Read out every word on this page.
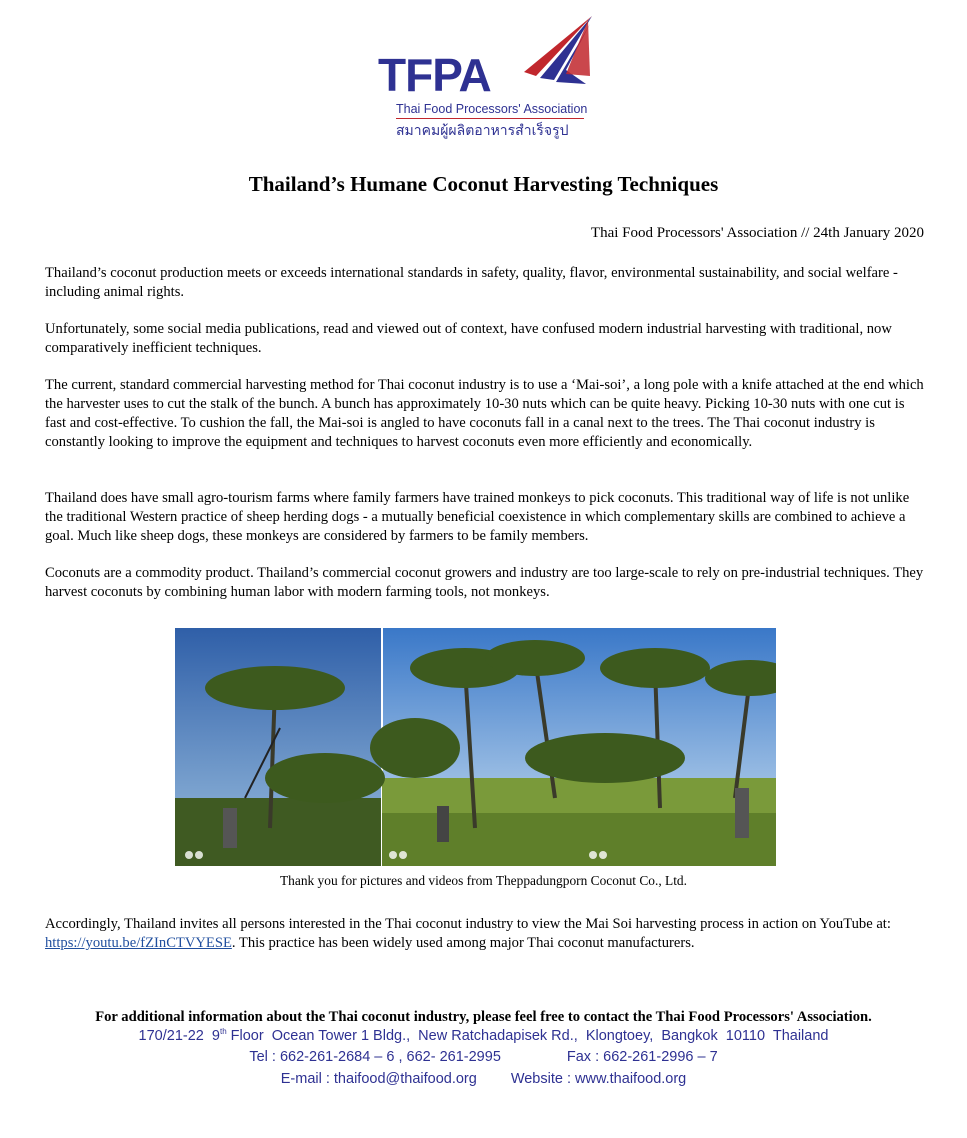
TFPA
Thai Food Processors' Association
สมาคมผู้ผลิตอาหารสำเร็จรูป
Thailand’s Humane Coconut Harvesting Techniques
Thai Food Processors' Association // 24th January 2020

Thailand’s coconut production meets or exceeds international standards in safety, quality, flavor, environmental sustainability, and social welfare - including animal rights.

Unfortunately, some social media publications, read and viewed out of context, have confused modern industrial harvesting with traditional, now comparatively inefficient techniques.

The current, standard commercial harvesting method for Thai coconut industry is to use a ‘Mai-soi’, a long pole with a knife attached at the end which the harvester uses to cut the stalk of the bunch. A bunch has approximately 10-30 nuts which can be quite heavy. Picking 10-30 nuts with one cut is fast and cost-effective. To cushion the fall, the Mai-soi is angled to have coconuts fall in a canal next to the trees. The Thai coconut industry is constantly looking to improve the equipment and techniques to harvest coconuts even more efficiently and economically.

Thailand does have small agro-tourism farms where family farmers have trained monkeys to pick coconuts. This traditional way of life is not unlike the traditional Western practice of sheep herding dogs - a mutually beneficial coexistence in which complementary skills are combined to achieve a goal. Much like sheep dogs, these monkeys are considered by farmers to be family members.

Coconuts are a commodity product. Thailand’s commercial coconut growers and industry are too large-scale to rely on pre-industrial techniques. They harvest coconuts by combining human labor with modern farming tools, not monkeys.

Thank you for pictures and videos from Theppadungporn Coconut Co., Ltd.

Accordingly, Thailand invites all persons interested in the Thai coconut industry to view the Mai Soi harvesting process in action on YouTube at: https://youtu.be/fZInCTVYESE. This practice has been widely used among major Thai coconut manufacturers.

For additional information about the Thai coconut industry, please feel free to contact the Thai Food Processors' Association.
170/21-22  9th Floor  Ocean Tower 1 Bldg.,  New Ratchadapisek Rd.,  Klongtoey,  Bangkok  10110  Thailand
Tel : 662-261-2684 – 6 , 662- 261-2995	Fax : 662-261-2996 – 7
E-mail : thaifood@thaifood.org Website : www.thaifood.org
